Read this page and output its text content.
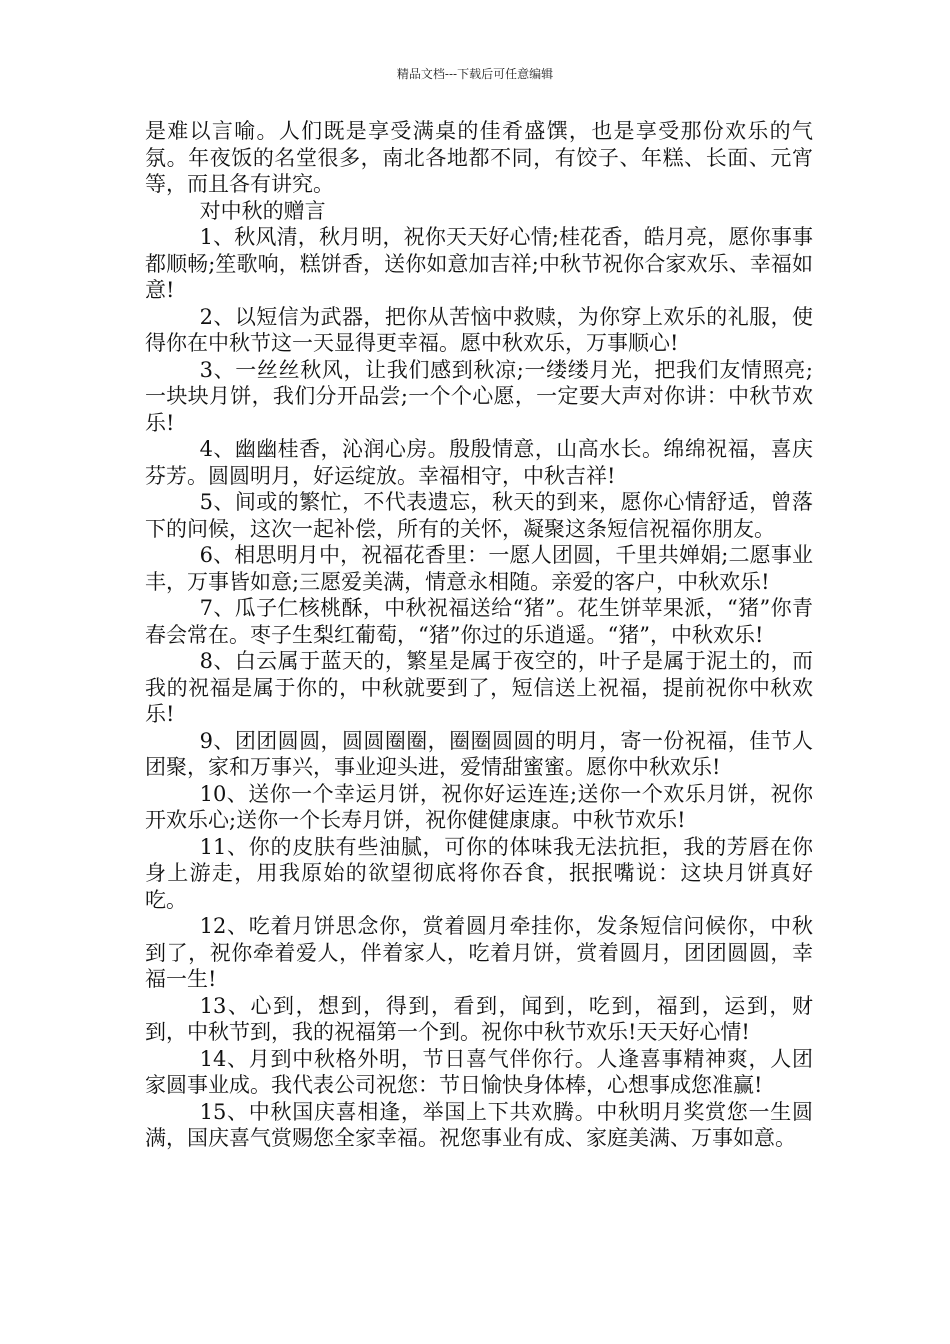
精品文档---下载后可任意编辑

是难以言喻。人们既是享受满桌的佳肴盛馔，也是享受那份欢乐的气氛。年夜饭的名堂很多，南北各地都不同，有饺子、年糕、长面、元宵等，而且各有讲究。

对中秋的赠言

1、秋风清，秋月明，祝你天天好心情;桂花香，皓月亮，愿你事事都顺畅;笙歌响，糕饼香，送你如意加吉祥;中秋节祝你合家欢乐、幸福如意!

2、以短信为武器，把你从苦恼中救赎，为你穿上欢乐的礼服，使得你在中秋节这一天显得更幸福。愿中秋欢乐，万事顺心!

3、一丝丝秋风，让我们感到秋凉;一缕缕月光，把我们友情照亮;一块块月饼，我们分开品尝;一个个心愿，一定要大声对你讲：中秋节欢乐!

4、幽幽桂香，沁润心房。殷殷情意，山高水长。绵绵祝福，喜庆芬芳。圆圆明月，好运绽放。幸福相守，中秋吉祥!

5、间或的繁忙，不代表遗忘，秋天的到来，愿你心情舒适，曾落下的问候，这次一起补偿，所有的关怀，凝聚这条短信祝福你朋友。

6、相思明月中，祝福花香里：一愿人团圆，千里共婵娟;二愿事业丰，万事皆如意;三愿爱美满，情意永相随。亲爱的客户，中秋欢乐!

7、瓜子仁核桃酥，中秋祝福送给“猪”。花生饼苹果派，“猪”你青春会常在。枣子生梨红葡萄，“猪”你过的乐逍遥。“猪”，中秋欢乐!

8、白云属于蓝天的，繁星是属于夜空的，叶子是属于泥土的，而我的祝福是属于你的，中秋就要到了，短信送上祝福，提前祝你中秋欢乐!

9、团团圆圆，圆圆圈圈，圈圈圆圆的明月，寄一份祝福，佳节人团聚，家和万事兴，事业迎头进，爱情甜蜜蜜。愿你中秋欢乐!

10、送你一个幸运月饼，祝你好运连连;送你一个欢乐月饼，祝你开欢乐心;送你一个长寿月饼，祝你健健康康。中秋节欢乐!

11、你的皮肤有些油腻，可你的体味我无法抗拒，我的芳唇在你身上游走，用我原始的欲望彻底将你吞食，抿抿嘴说：这块月饼真好吃。

12、吃着月饼思念你，赏着圆月牵挂你，发条短信问候你，中秋到了，祝你牵着爱人，伴着家人，吃着月饼，赏着圆月，团团圆圆，幸福一生!

13、心到，想到，得到，看到，闻到，吃到，福到，运到，财到，中秋节到，我的祝福第一个到。祝你中秋节欢乐!天天好心情!

14、月到中秋格外明，节日喜气伴你行。人逢喜事精神爽，人团家圆事业成。我代表公司祝您：节日愉快身体棒，心想事成您准赢!

15、中秋国庆喜相逢，举国上下共欢腾。中秋明月奖赏您一生圆满，国庆喜气赏赐您全家幸福。祝您事业有成、家庭美满、万事如意。
